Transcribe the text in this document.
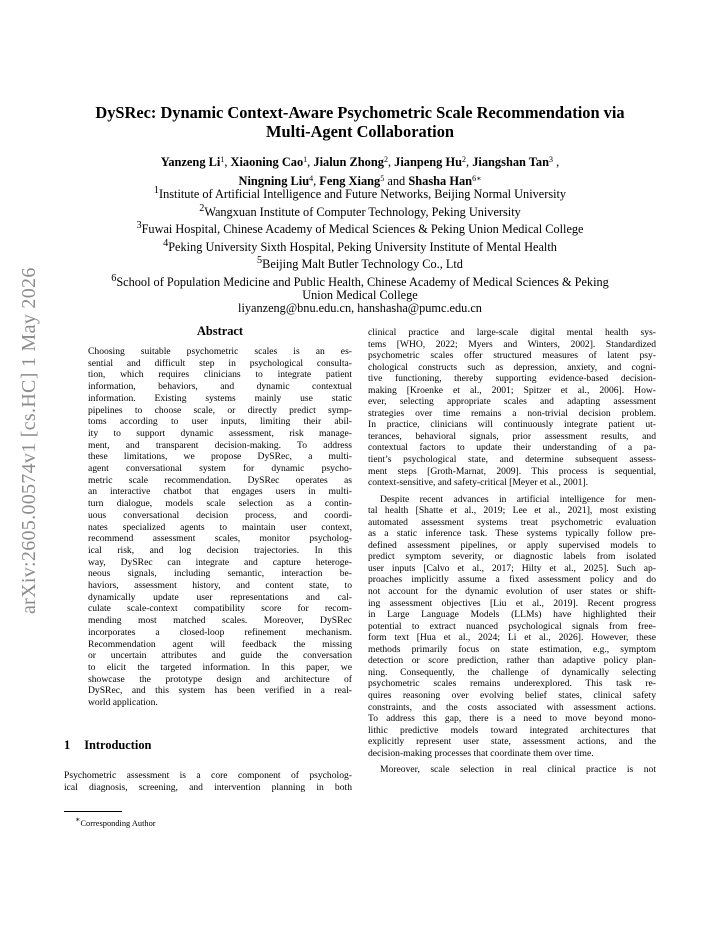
arXiv:2605.00574v1 [cs.HC] 1 May 2026
DySRec: Dynamic Context-Aware Psychometric Scale Recommendation via
Multi-Agent Collaboration
Yanzeng Li$^1$, Xiaoning Cao$^1$, Jialun Zhong$^2$, Jianpeng Hu$^2$, Jiangshan Tan$^3$ ,
Ningning Liu$^4$, Feng Xiang$^5$ and Shasha Han$^{6∗}$
$^1$Institute of Artificial Intelligence and Future Networks, Beijing Normal University
$^2$Wangxuan Institute of Computer Technology, Peking University
$^3$Fuwai Hospital, Chinese Academy of Medical Sciences & Peking Union Medical College
$^4$Peking University Sixth Hospital, Peking University Institute of Mental Health
$^5$Beijing Malt Butler Technology Co., Ltd
$^6$School of Population Medicine and Public Health, Chinese Academy of Medical Sciences & Peking
Union Medical College
liyanzeng@bnu.edu.cn, hanshasha@pumc.edu.cn
Abstract
Choosing suitable psychometric scales is an es-
sential and difficult step in psychological consulta-
tion, which requires clinicians to integrate patient
information, behaviors, and dynamic contextual
information. Existing systems mainly use static
pipelines to choose scale, or directly predict symp-
toms according to user inputs, limiting their abil-
ity to support dynamic assessment, risk manage-
ment, and transparent decision-making. To address
these limitations, we propose DySRec, a multi-
agent conversational system for dynamic psycho-
metric scale recommendation. DySRec operates as
an interactive chatbot that engages users in multi-
turn dialogue, models scale selection as a contin-
uous conversational decision process, and coordi-
nates specialized agents to maintain user context,
recommend assessment scales, monitor psycholog-
ical risk, and log decision trajectories. In this
way, DySRec can integrate and capture heteroge-
neous signals, including semantic, interaction be-
haviors, assessment history, and content state, to
dynamically update user representations and cal-
culate scale-context compatibility score for recom-
mending most matched scales. Moreover, DySRec
incorporates a closed-loop refinement mechanism.
Recommendation agent will feedback the missing
or uncertain attributes and guide the conversation
to elicit the targeted information. In this paper, we
showcase the prototype design and architecture of
DySRec, and this system has been verified in a real-
world application.
1 Introduction
Psychometric assessment is a core component of psycholog-
ical diagnosis, screening, and intervention planning in both
∗Corresponding Author
clinical practice and large-scale digital mental health sys-
tems [WHO, 2022; Myers and Winters, 2002]. Standardized
psychometric scales offer structured measures of latent psy-
chological constructs such as depression, anxiety, and cogni-
tive functioning, thereby supporting evidence-based decision-
making [Kroenke et al., 2001; Spitzer et al., 2006]. How-
ever, selecting appropriate scales and adapting assessment
strategies over time remains a non-trivial decision problem.
In practice, clinicians will continuously integrate patient ut-
terances, behavioral signals, prior assessment results, and
contextual factors to update their understanding of a pa-
tient’s psychological state, and determine subsequent assess-
ment steps [Groth-Marnat, 2009]. This process is sequential,
context-sensitive, and safety-critical [Meyer et al., 2001].
Despite recent advances in artificial intelligence for men-
tal health [Shatte et al., 2019; Lee et al., 2021], most existing
automated assessment systems treat psychometric evaluation
as a static inference task. These systems typically follow pre-
defined assessment pipelines, or apply supervised models to
predict symptom severity, or diagnostic labels from isolated
user inputs [Calvo et al., 2017; Hilty et al., 2025]. Such ap-
proaches implicitly assume a fixed assessment policy and do
not account for the dynamic evolution of user states or shift-
ing assessment objectives [Liu et al., 2019]. Recent progress
in Large Language Models (LLMs) have highlighted their
potential to extract nuanced psychological signals from free-
form text [Hua et al., 2024; Li et al., 2026]. However, these
methods primarily focus on state estimation, e.g., symptom
detection or score prediction, rather than adaptive policy plan-
ning. Consequently, the challenge of dynamically selecting
psychometric scales remains underexplored. This task re-
quires reasoning over evolving belief states, clinical safety
constraints, and the costs associated with assessment actions.
To address this gap, there is a need to move beyond mono-
lithic predictive models toward integrated architectures that
explicitly represent user state, assessment actions, and the
decision-making processes that coordinate them over time.
Moreover, scale selection in real clinical practice is not
